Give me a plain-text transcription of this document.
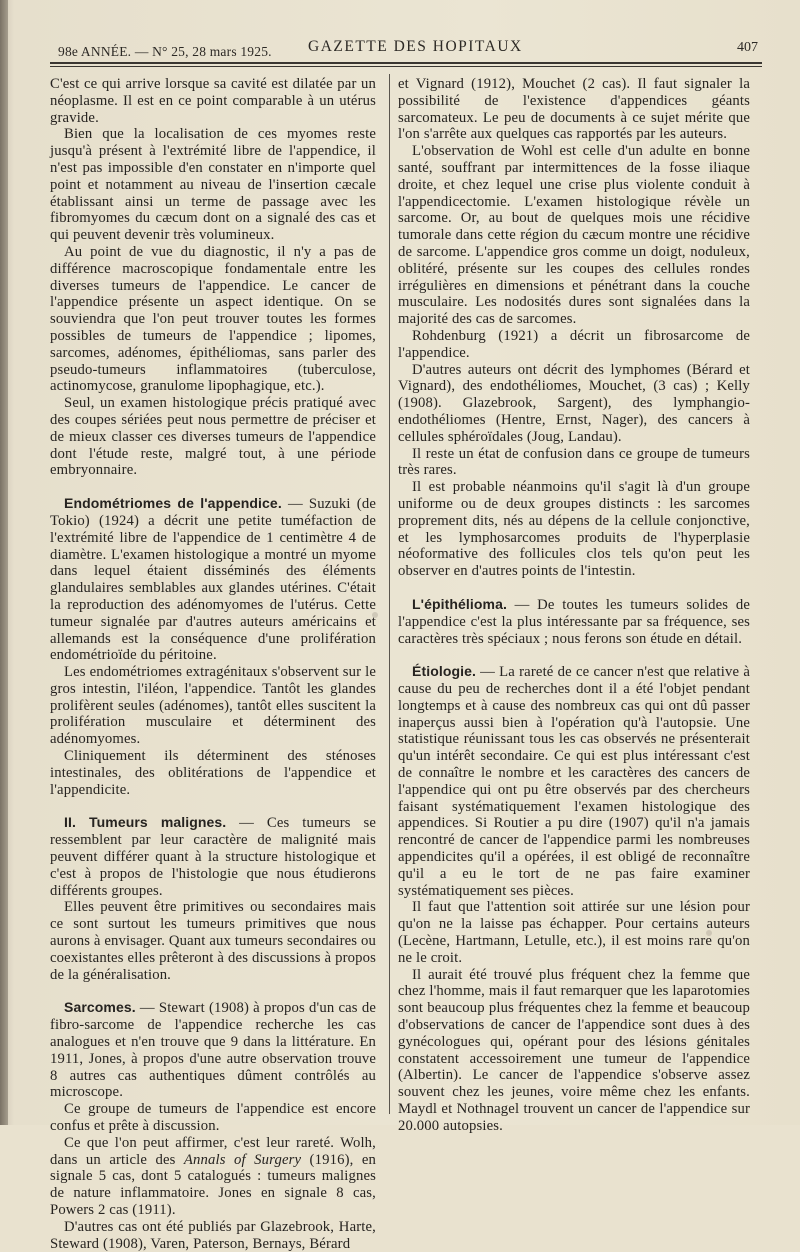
98e ANNÉE. — N° 25, 28 mars 1925. GAZETTE DES HOPITAUX	407

C'est ce qui arrive lorsque sa cavité est dilatée par un néoplasme. Il est en ce point comparable à un utérus gravide.

Bien que la localisation de ces myomes reste jusqu'à présent à l'extrémité libre de l'appendice, il n'est pas impossible d'en constater en n'importe quel point et notamment au niveau de l'insertion cæcale établissant ainsi un terme de passage avec les fibromyomes du cæcum dont on a signalé des cas et qui peuvent devenir très volumineux.

Au point de vue du diagnostic, il n'y a pas de différence macroscopique fondamentale entre les diverses tumeurs de l'appendice. Le cancer de l'appendice présente un aspect identique. On se souviendra que l'on peut trouver toutes les formes possibles de tumeurs de l'appendice ; lipomes, sarcomes, adénomes, épithéliomas, sans parler des pseudo-tumeurs inflammatoires (tuberculose, actinomycose, granulome lipophagique, etc.).

Seul, un examen histologique précis pratiqué avec des coupes sériées peut nous permettre de préciser et de mieux classer ces diverses tumeurs de l'appendice dont l'étude reste, malgré tout, à une période embryonnaire.

Endométriomes de l'appendice. — Suzuki (de Tokio) (1924) a décrit une petite tuméfaction de l'extrémité libre de l'appendice de 1 centimètre 4 de diamètre. L'examen histologique a montré un myome dans lequel étaient disséminés des éléments glandulaires semblables aux glandes utérines. C'était la reproduction des adénomyomes de l'utérus. Cette tumeur signalée par d'autres auteurs américains et allemands est la conséquence d'une prolifération endométrioïde du péritoine.

Les endométriomes extragénitaux s'observent sur le gros intestin, l'iléon, l'appendice. Tantôt les glandes prolifèrent seules (adénomes), tantôt elles suscitent la prolifération musculaire et déterminent des adénomyomes.

Cliniquement ils déterminent des sténoses intestinales, des oblitérations de l'appendice et l'appendicite.

II. Tumeurs malignes. — Ces tumeurs se ressemblent par leur caractère de malignité mais peuvent différer quant à la structure histologique et c'est à propos de l'histologie que nous étudierons différents groupes.

Elles peuvent être primitives ou secondaires mais ce sont surtout les tumeurs primitives que nous aurons à envisager. Quant aux tumeurs secondaires ou coexistantes elles prêteront à des discussions à propos de la généralisation.

Sarcomes. — Stewart (1908) à propos d'un cas de fibro-sarcome de l'appendice recherche les cas analogues et n'en trouve que 9 dans la littérature. En 1911, Jones, à propos d'une autre observation trouve 8 autres cas authentiques dûment contrôlés au microscope.

Ce groupe de tumeurs de l'appendice est encore confus et prête à discussion.

Ce que l'on peut affirmer, c'est leur rareté. Wolh, dans un article des Annals of Surgery (1916), en signale 5 cas, dont 5 catalogués : tumeurs malignes de nature inflammatoire. Jones en signale 8 cas, Powers 2 cas (1911).

D'autres cas ont été publiés par Glazebrook, Harte, Steward (1908), Varen, Paterson, Bernays, Bérard

et Vignard (1912), Mouchet (2 cas). Il faut signaler la possibilité de l'existence d'appendices géants sarcomateux. Le peu de documents à ce sujet mérite que l'on s'arrête aux quelques cas rapportés par les auteurs.

L'observation de Wohl est celle d'un adulte en bonne santé, souffrant par intermittences de la fosse iliaque droite, et chez lequel une crise plus violente conduit à l'appendicectomie. L'examen histologique révèle un sarcome. Or, au bout de quelques mois une récidive tumorale dans cette région du cæcum montre une récidive de sarcome. L'appendice gros comme un doigt, noduleux, oblitéré, présente sur les coupes des cellules rondes irrégulières en dimensions et pénétrant dans la couche musculaire. Les nodosités dures sont signalées dans la majorité des cas de sarcomes.

Rohdenburg (1921) a décrit un fibrosarcome de l'appendice.

D'autres auteurs ont décrit des lymphomes (Bérard et Vignard), des endothéliomes, Mouchet, (3 cas) ; Kelly (1908). Glazebrook, Sargent), des lymphangio-endothéliomes (Hentre, Ernst, Nager), des cancers à cellules sphéroïdales (Joug, Landau).

Il reste un état de confusion dans ce groupe de tumeurs très rares.

Il est probable néanmoins qu'il s'agit là d'un groupe uniforme ou de deux groupes distincts : les sarcomes proprement dits, nés au dépens de la cellule conjonctive, et les lymphosarcomes produits de l'hyperplasie néoformative des follicules clos tels qu'on peut les observer en d'autres points de l'intestin.

L'épithélioma. — De toutes les tumeurs solides de l'appendice c'est la plus intéressante par sa fréquence, ses caractères très spéciaux ; nous ferons son étude en détail.

Étiologie. — La rareté de ce cancer n'est que relative à cause du peu de recherches dont il a été l'objet pendant longtemps et à cause des nombreux cas qui ont dû passer inaperçus aussi bien à l'opération qu'à l'autopsie. Une statistique réunissant tous les cas observés ne présenterait qu'un intérêt secondaire. Ce qui est plus intéressant c'est de connaître le nombre et les caractères des cancers de l'appendice qui ont pu être observés par des chercheurs faisant systématiquement l'examen histologique des appendices. Si Routier a pu dire (1907) qu'il n'a jamais rencontré de cancer de l'appendice parmi les nombreuses appendicites qu'il a opérées, il est obligé de reconnaître qu'il a eu le tort de ne pas faire examiner systématiquement ses pièces.

Il faut que l'attention soit attirée sur une lésion pour qu'on ne la laisse pas échapper. Pour certains auteurs (Lecène, Hartmann, Letulle, etc.), il est moins rare qu'on ne le croit.

Il aurait été trouvé plus fréquent chez la femme que chez l'homme, mais il faut remarquer que les laparotomies sont beaucoup plus fréquentes chez la femme et beaucoup d'observations de cancer de l'appendice sont dues à des gynécologues qui, opérant pour des lésions génitales constatent accessoirement une tumeur de l'appendice (Albertin). Le cancer de l'appendice s'observe assez souvent chez les jeunes, voire même chez les enfants. Maydl et Nothnagel trouvent un cancer de l'appendice sur 20.000 autopsies.
